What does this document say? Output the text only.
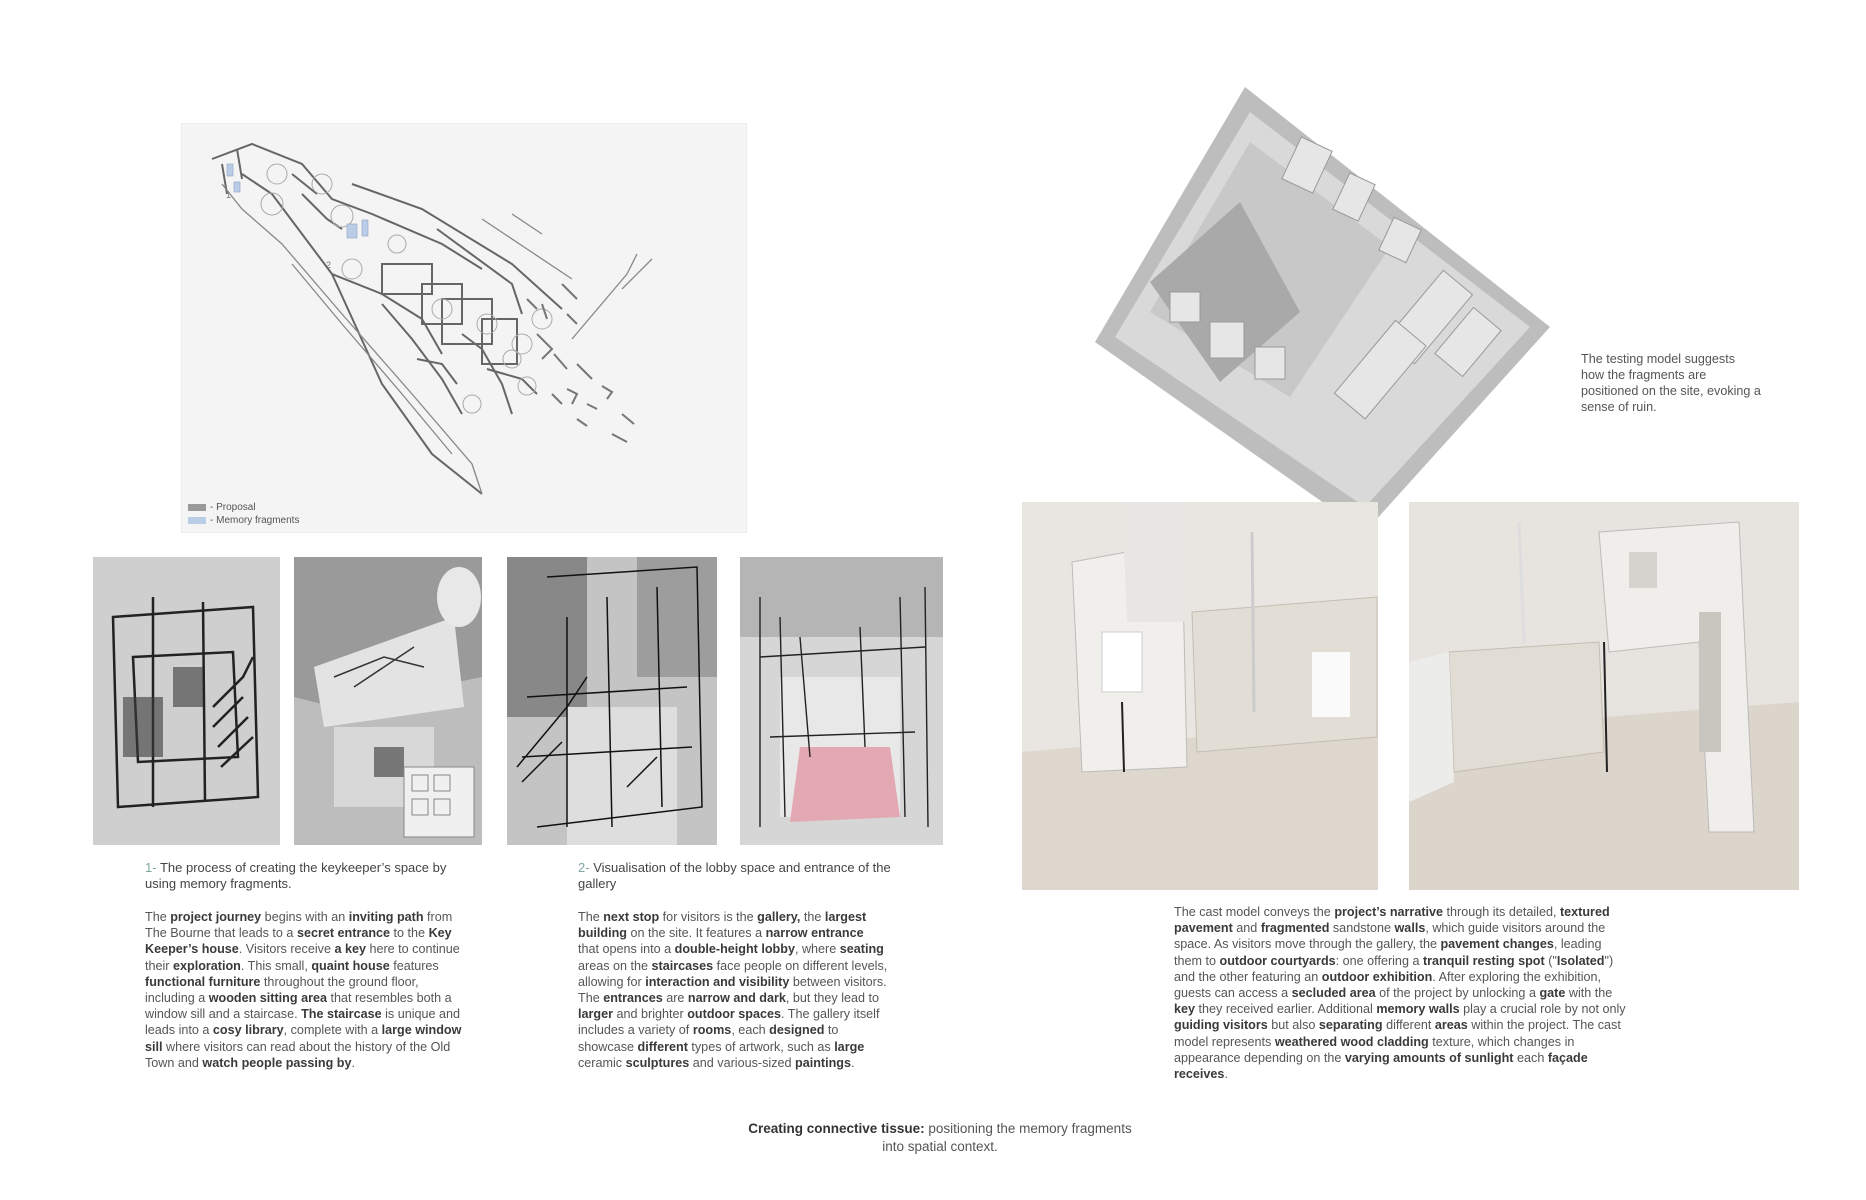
1
2
- Proposal
- Memory fragments
The testing model suggests how the fragments are positioned on the site, evoking a sense of ruin.
1- The process of creating the keykeeper’s space by using memory fragments.
2- Visualisation of the lobby space and entrance of the gallery
The project journey begins with an inviting path from The Bourne that leads to a secret entrance to the Key Keeper’s house. Visitors receive a key here to continue their exploration. This small, quaint house features functional furniture throughout the ground floor, including a wooden sitting area that resembles both a window sill and a staircase. The staircase is unique and leads into a cosy library, complete with a large window sill where visitors can read about the history of the Old Town and watch people passing by.
The next stop for visitors is the gallery, the largest building on the site. It features a narrow entrance that opens into a double-height lobby, where seating areas on the staircases face people on different levels, allowing for interaction and visibility between visitors. The entrances are narrow and dark, but they lead to larger and brighter outdoor spaces. The gallery itself includes a variety of rooms, each designed to showcase different types of artwork, such as large ceramic sculptures and various-sized paintings.
The cast model conveys the project’s narrative through its detailed, textured pavement and fragmented sandstone walls, which guide visitors around the space. As visitors move through the gallery, the pavement changes, leading them to outdoor courtyards: one offering a tranquil resting spot ("Isolated") and the other featuring an outdoor exhibition. After exploring the exhibition, guests can access a secluded area of the project by unlocking a gate with the key they received earlier. Additional memory walls play a crucial role by not only guiding visitors but also separating different areas within the project. The cast model represents weathered wood cladding texture, which changes in appearance depending on the varying amounts of sunlight each façade receives.
Creating connective tissue: positioning the memory fragments into spatial context.
